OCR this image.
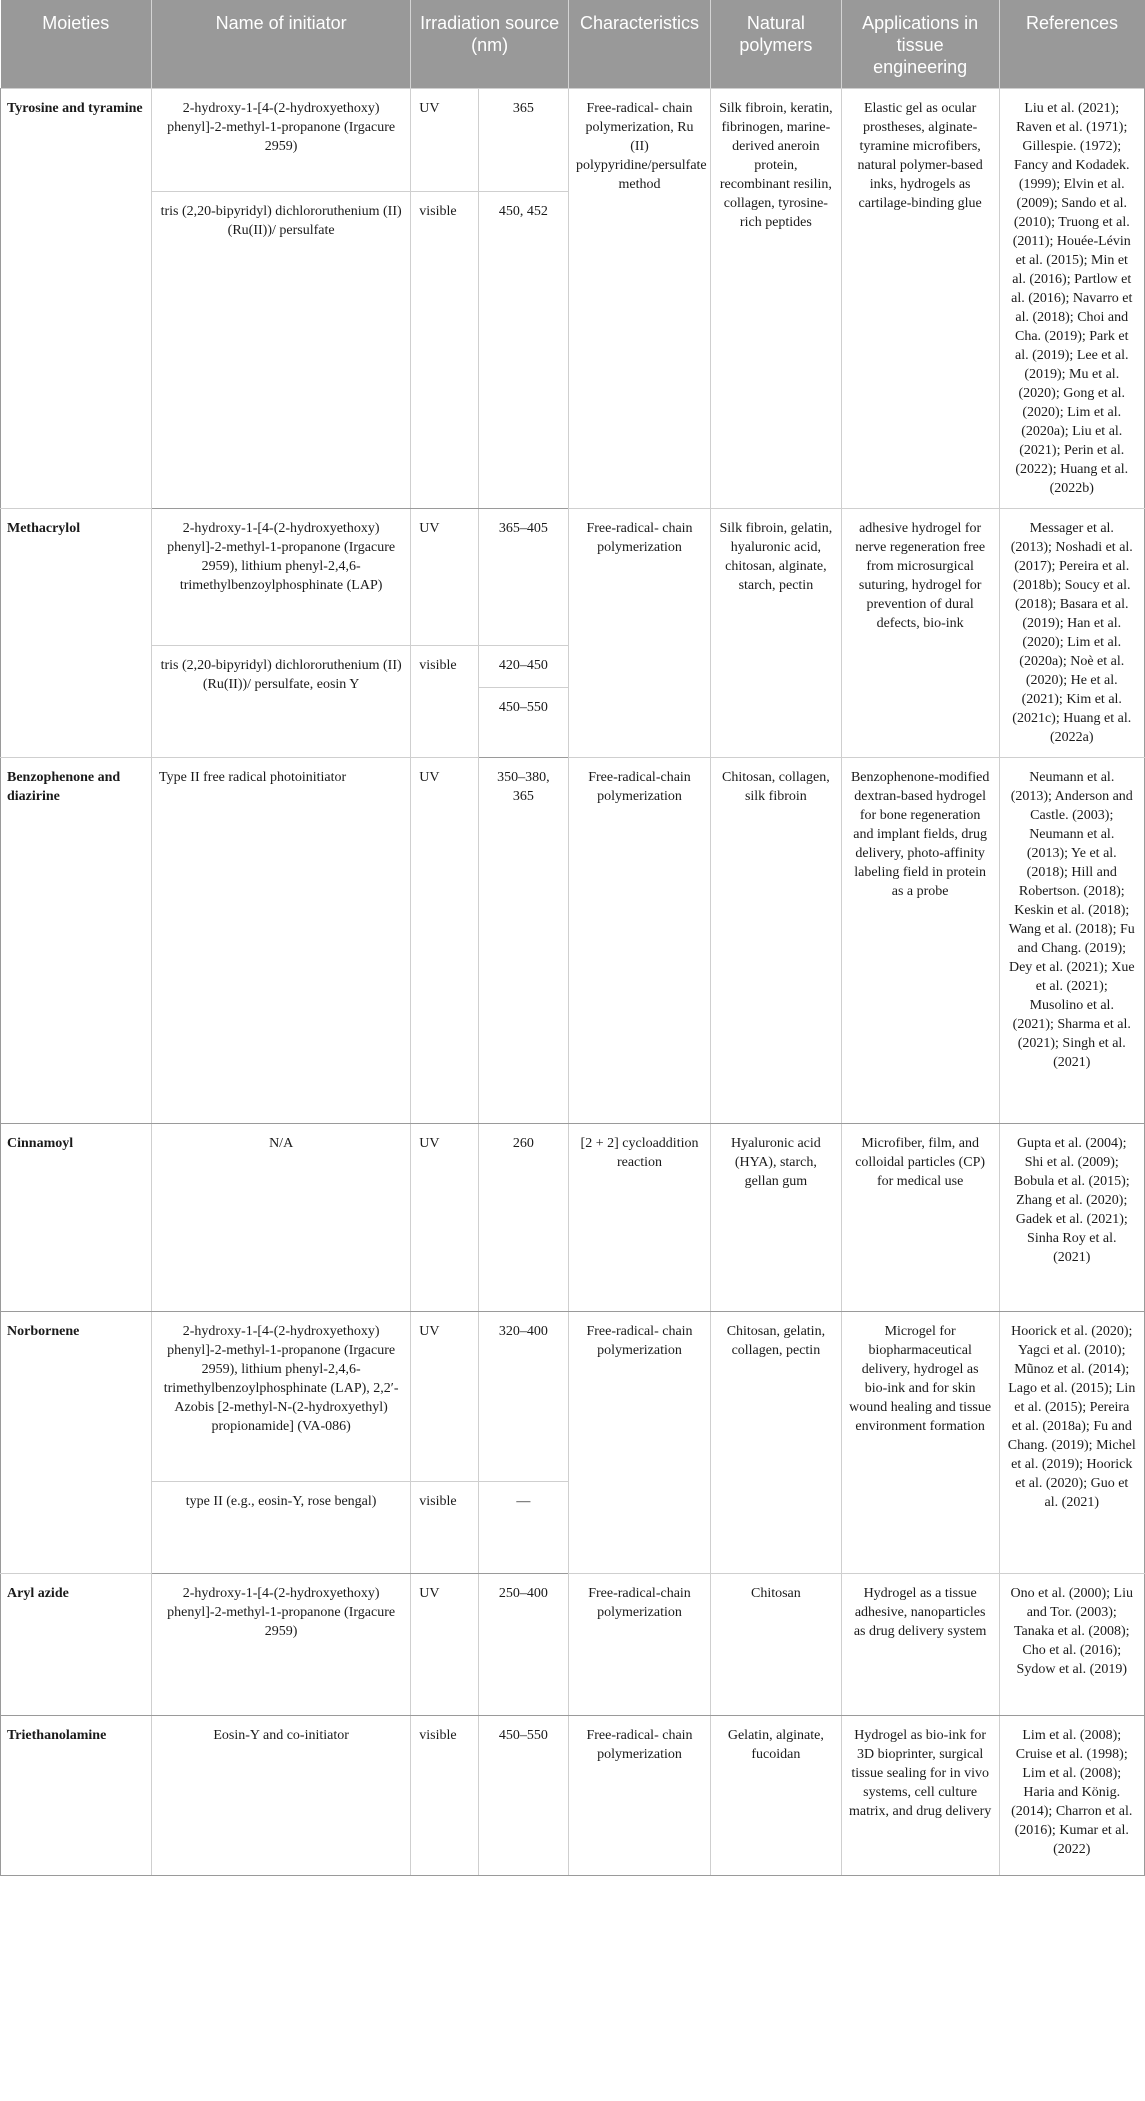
Moieties	Name of initiator	Irradiation source (nm)		Characteristics	Natural polymers	Applications in tissue engineering	References
Tyrosine and tyramine	2-hydroxy-1-[4-(2-hydroxyethoxy) phenyl]-2-methyl-1-propanone (Irgacure 2959)	UV	365	Free-radical- chain polymerization, Ru (II) polypyridine/persulfate method	Silk fibroin, keratin, fibrinogen, marine-derived aneroin protein, recombinant resilin, collagen, tyrosine-rich peptides	Elastic gel as ocular prostheses, alginate-tyramine microfibers, natural polymer-based inks, hydrogels as cartilage-binding glue	Liu et al. (2021); Raven et al. (1971); Gillespie. (1972); Fancy and Kodadek. (1999); Elvin et al. (2009); Sando et al. (2010); Truong et al. (2011); Houée-Lévin et al. (2015); Min et al. (2016); Partlow et al. (2016); Navarro et al. (2018); Choi and Cha. (2019); Park et al. (2019); Lee et al. (2019); Mu et al. (2020); Gong et al. (2020); Lim et al. (2020a); Liu et al. (2021); Perin et al. (2022); Huang et al. (2022b)
	tris (2,20-bipyridyl) dichlororuthenium (II) (Ru(II))/ persulfate	visible	450, 452				
Methacrylol	2-hydroxy-1-[4-(2-hydroxyethoxy) phenyl]-2-methyl-1-propanone (Irgacure 2959), lithium phenyl-2,4,6-trimethylbenzoylphosphinate (LAP)	UV	365–405	Free-radical- chain polymerization	Silk fibroin, gelatin, hyaluronic acid, chitosan, alginate, starch, pectin	adhesive hydrogel for nerve regeneration free from microsurgical suturing, hydrogel for prevention of dural defects, bio-ink	Messager et al. (2013); Noshadi et al. (2017); Pereira et al. (2018b); Soucy et al. (2018); Basara et al. (2019); Han et al. (2020); Lim et al. (2020a); Noè et al. (2020); He et al. (2021); Kim et al. (2021c); Huang et al. (2022a)
	tris (2,20-bipyridyl) dichlororuthenium (II) (Ru(II))/ persulfate, eosin Y	visible	420–450				
			450–550				
Benzophenone and diazirine	Type II free radical photoinitiator	UV	350–380, 365	Free-radical-chain polymerization	Chitosan, collagen, silk fibroin	Benzophenone-modified dextran-based hydrogel for bone regeneration and implant fields, drug delivery, photo-affinity labeling field in protein as a probe	Neumann et al. (2013); Anderson and Castle. (2003); Neumann et al. (2013); Ye et al. (2018); Hill and Robertson. (2018); Keskin et al. (2018); Wang et al. (2018); Fu and Chang. (2019); Dey et al. (2021); Xue et al. (2021); Musolino et al. (2021); Sharma et al. (2021); Singh et al. (2021)
Cinnamoyl	N/A	UV	260	[2 + 2] cycloaddition reaction	Hyaluronic acid (HYA), starch, gellan gum	Microfiber, film, and colloidal particles (CP) for medical use	Gupta et al. (2004); Shi et al. (2009); Bobula et al. (2015); Zhang et al. (2020); Gadek et al. (2021); Sinha Roy et al. (2021)
Norbornene	2-hydroxy-1-[4-(2-hydroxyethoxy) phenyl]-2-methyl-1-propanone (Irgacure 2959), lithium phenyl-2,4,6-trimethylbenzoylphosphinate (LAP), 2,2′-Azobis [2-methyl-N-(2-hydroxyethyl) propionamide] (VA-086)	UV	320–400	Free-radical- chain polymerization	Chitosan, gelatin, collagen, pectin	Microgel for biopharmaceutical delivery, hydrogel as bio-ink and for skin wound healing and tissue environment formation	Hoorick et al. (2020); Yagci et al. (2010); Mũnoz et al. (2014); Lago et al. (2015); Lin et al. (2015); Pereira et al. (2018a); Fu and Chang. (2019); Michel et al. (2019); Hoorick et al. (2020); Guo et al. (2021)
	type II (e.g., eosin-Y, rose bengal)	visible	—				
Aryl azide	2-hydroxy-1-[4-(2-hydroxyethoxy) phenyl]-2-methyl-1-propanone (Irgacure 2959)	UV	250–400	Free-radical-chain polymerization	Chitosan	Hydrogel as a tissue adhesive, nanoparticles as drug delivery system	Ono et al. (2000); Liu and Tor. (2003); Tanaka et al. (2008); Cho et al. (2016); Sydow et al. (2019)
Triethanolamine	Eosin-Y and co-initiator	visible	450–550	Free-radical- chain polymerization	Gelatin, alginate, fucoidan	Hydrogel as bio-ink for 3D bioprinter, surgical tissue sealing for in vivo systems, cell culture matrix, and drug delivery	Lim et al. (2008); Cruise et al. (1998); Lim et al. (2008); Haria and König. (2014); Charron et al. (2016); Kumar et al. (2022)
